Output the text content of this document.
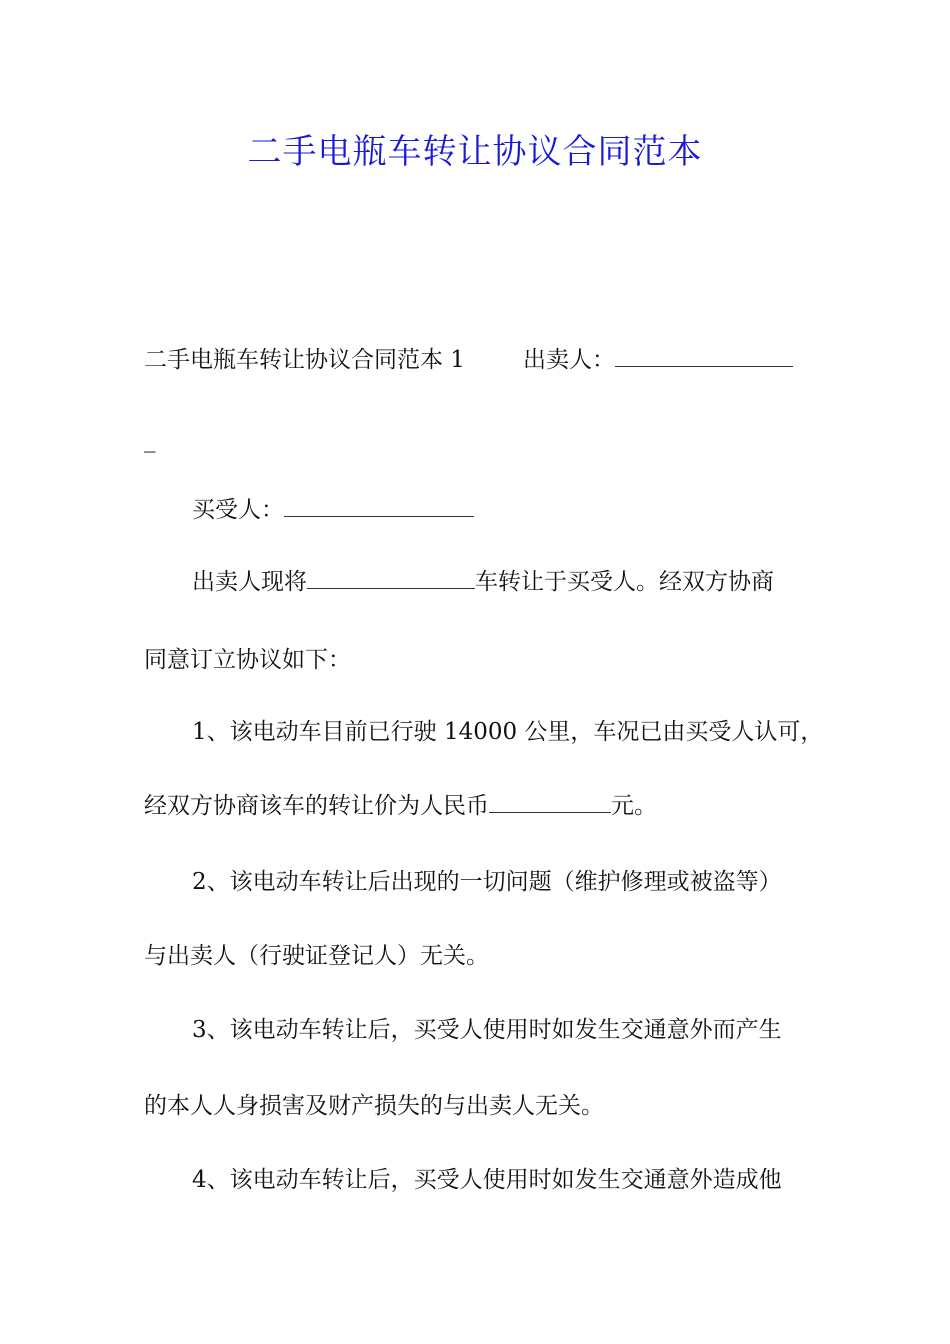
二手电瓶车转让协议合同范本
二手电瓶车转让协议合同范本 1	出卖人：
_
买受人：
出卖人现将	车转让于买受人。经双方协商
同意订立协议如下：
1、该电动车目前已行驶 14000 公里，车况已由买受人认可，
经双方协商该车的转让价为人民币	元。
2、该电动车转让后出现的一切问题（维护修理或被盗等）
与出卖人（行驶证登记人）无关。
3、该电动车转让后，买受人使用时如发生交通意外而产生
的本人人身损害及财产损失的与出卖人无关。
4、该电动车转让后，买受人使用时如发生交通意外造成他
